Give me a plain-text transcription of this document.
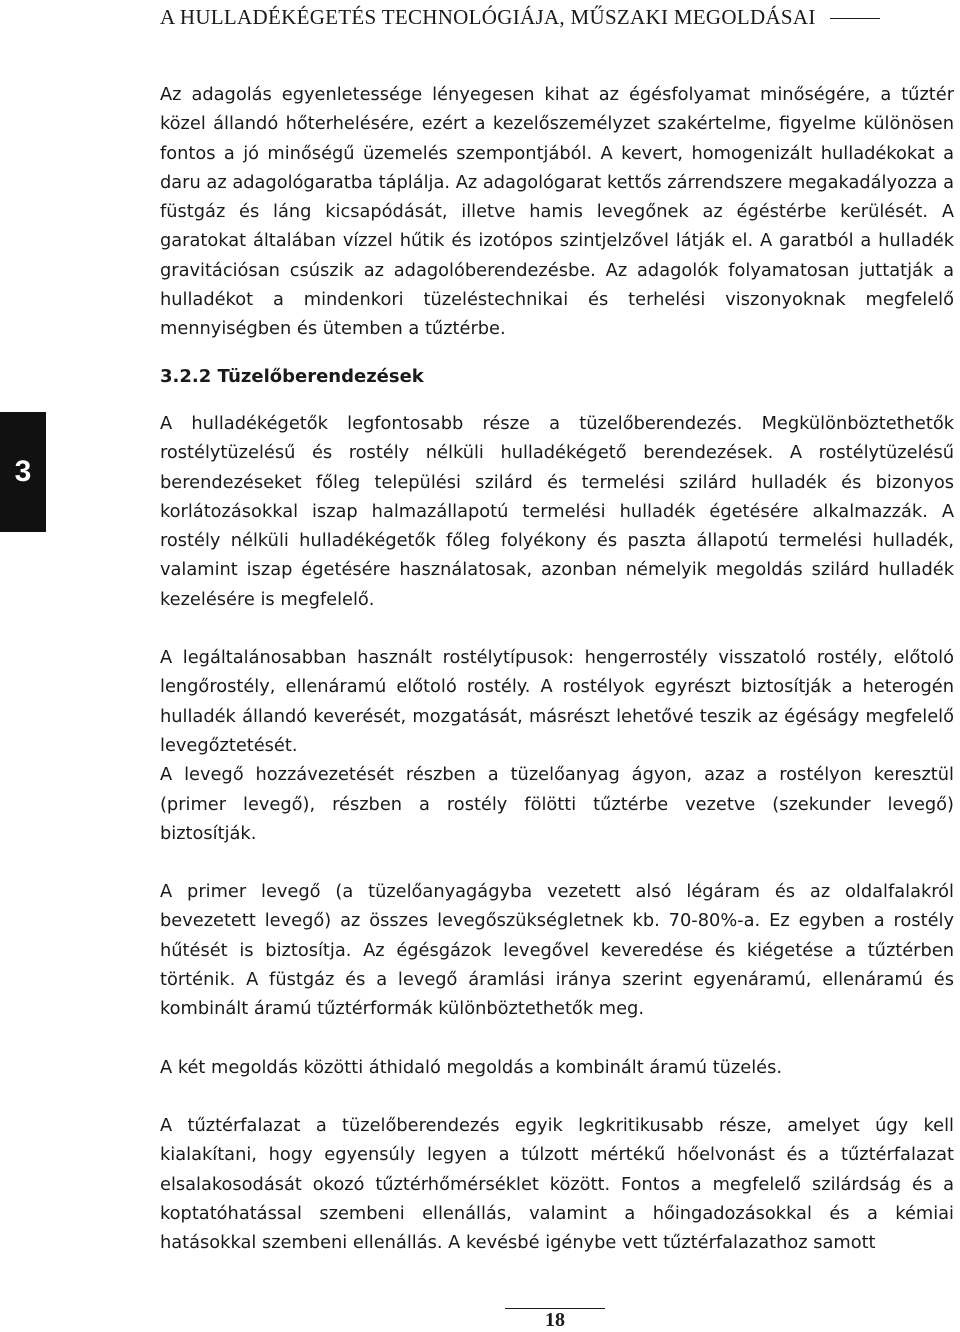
A HULLADÉKÉGETÉS TECHNOLÓGIÁJA, MŰSZAKI MEGOLDÁSAI
3

Az adagolás egyenletessége lényegesen kihat az égésfolyamat minőségére, a tűztér közel állandó hőterhelésére, ezért a kezelőszemélyzet szakértelme, figyelme különösen fontos a jó minőségű üzemelés szempontjából. A kevert, homogenizált hulladékokat a daru az adagológaratba táplálja. Az adagológarat kettős zárrendszere megakadályozza a füstgáz és láng kicsapódását, illetve hamis levegőnek az égéstérbe kerülését. A garatokat általában vízzel hűtik és izotópos szintjelzővel látják el. A garatból a hulladék gravitációsan csúszik az adagolóberendezésbe. Az adagolók folyamatosan juttatják a hulladékot a mindenkori tüzeléstechnikai és terhelési viszonyoknak megfelelő mennyiségben és ütemben a tűztérbe.

3.2.2 Tüzelőberendezések

A hulladékégetők legfontosabb része a tüzelőberendezés. Megkülönböztethetők rostélytüzelésű és rostély nélküli hulladékégető berendezések. A rostélytüzelésű berendezéseket főleg települési szilárd és termelési szilárd hulladék és bizonyos korlátozásokkal iszap halmazállapotú termelési hulladék égetésére alkalmazzák. A rostély nélküli hulladékégetők főleg folyékony és paszta állapotú termelési hulladék, valamint iszap égetésére használatosak, azonban némelyik megoldás szilárd hulladék kezelésére is megfelelő.

A legáltalánosabban használt rostélytípusok: hengerrostély visszatoló rostély, előtoló lengőrostély, ellenáramú előtoló rostély. A rostélyok egyrészt biztosítják a heterogén hulladék állandó keverését, mozgatását, másrészt lehetővé teszik az égéságy megfelelő levegőztetését.

A levegő hozzávezetését részben a tüzelőanyag ágyon, azaz a rostélyon keresztül (primer levegő), részben a rostély fölötti tűztérbe vezetve (szekunder levegő) biztosítják.

A primer levegő (a tüzelőanyagágyba vezetett alsó légáram és az oldalfalakról bevezetett levegő) az összes levegőszükségletnek kb. 70-80%-a. Ez egyben a rostély hűtését is biztosítja. Az égésgázok levegővel keveredése és kiégetése a tűztérben történik. A füstgáz és a levegő áramlási iránya szerint egyenáramú, ellenáramú és kombinált áramú tűztérformák különböztethetők meg.

A két megoldás közötti áthidaló megoldás a kombinált áramú tüzelés.

A tűztérfalazat a tüzelőberendezés egyik legkritikusabb része, amelyet úgy kell kialakítani, hogy egyensúly legyen a túlzott mértékű hőelvonást és a tűztérfalazat elsalakosodását okozó tűztérhőmérséklet között. Fontos a megfelelő szilárdság és a koptatóhatással szembeni ellenállás, valamint a hőingadozásokkal és a kémiai hatásokkal szembeni ellenállás. A kevésbé igénybe vett tűztérfalazathoz samott

18
